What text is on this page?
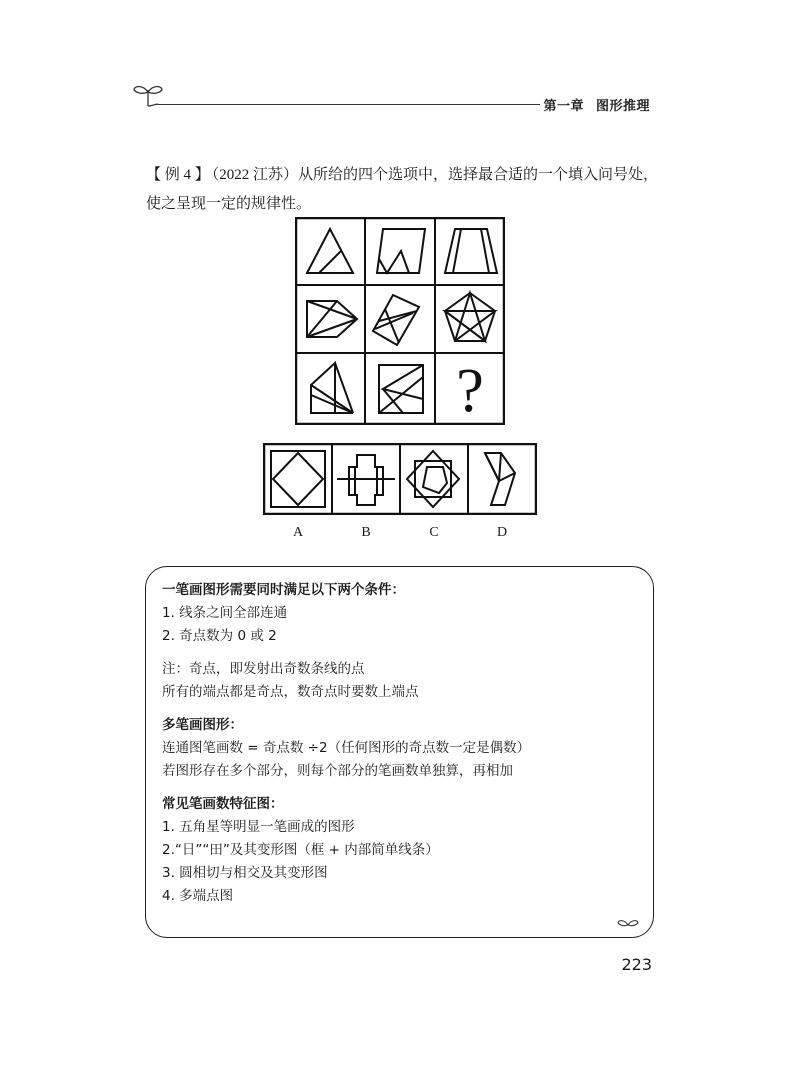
第一章 图形推理
【 例 4 】 （2022 江苏）从所给的四个选项中，选择最合适的一个填入问号处，使之呈现一定的规律性。
?
A	B	C	D
一笔画图形需要同时满足以下两个条件：
1. 线条之间全部连通
2. 奇点数为 0 或 2
注：奇点，即发射出奇数条线的点
所有的端点都是奇点，数奇点时要数上端点
多笔画图形：
连通图笔画数 = 奇点数 ÷2（任何图形的奇点数一定是偶数）
若图形存在多个部分，则每个部分的笔画数单独算，再相加
常见笔画数特征图：
1. 五角星等明显一笔画成的图形
2.“日”“田”及其变形图（框 + 内部简单线条）
3. 圆相切与相交及其变形图
4. 多端点图
223
